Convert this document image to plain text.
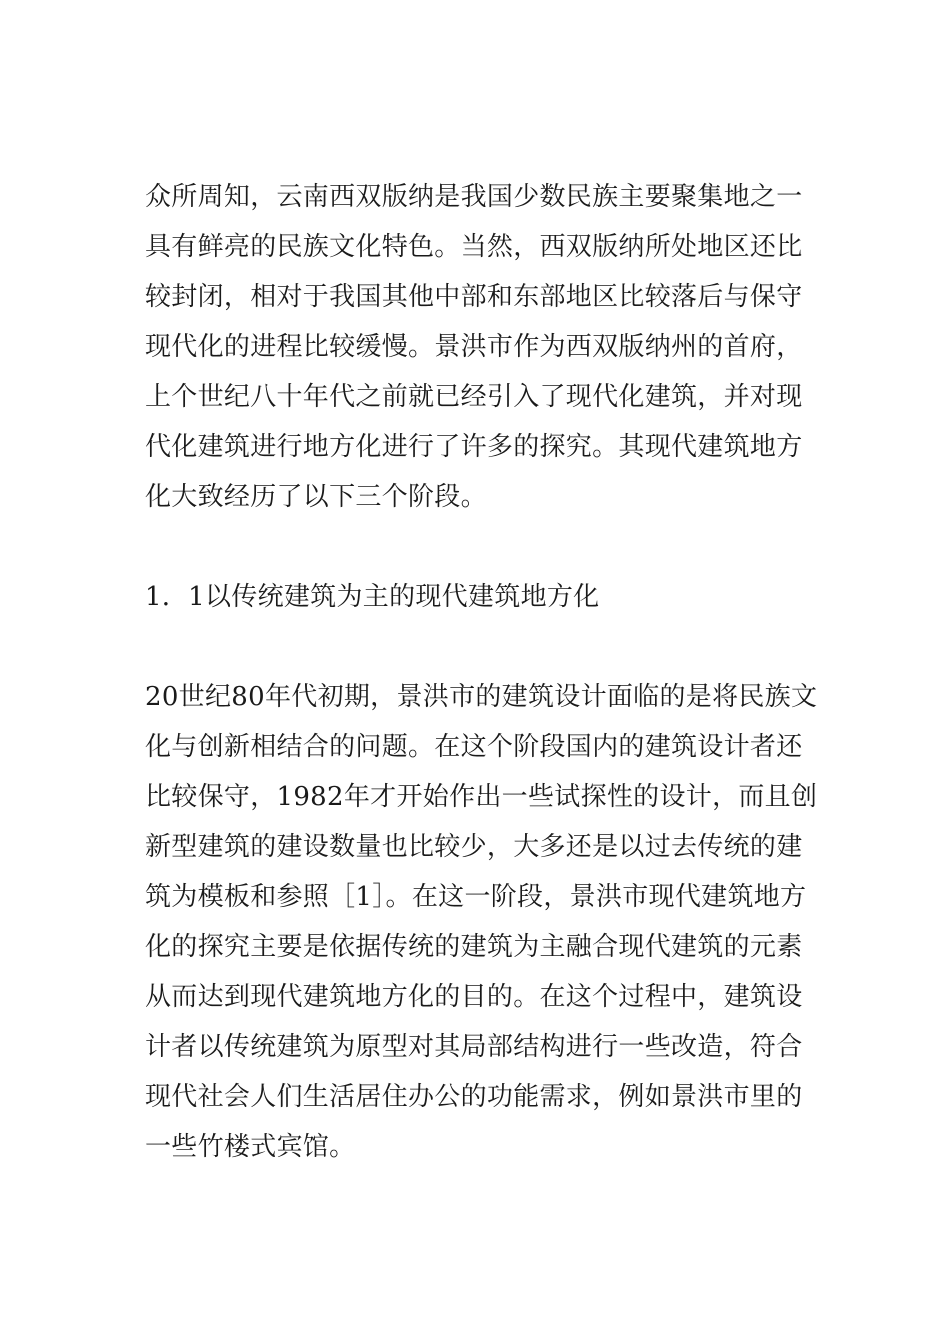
众所周知，云南西双版纳是我国少数民族主要聚集地之一
具有鲜亮的民族文化特色。当然，西双版纳所处地区还比
较封闭，相对于我国其他中部和东部地区比较落后与保守
现代化的进程比较缓慢。景洪市作为西双版纳州的首府，
上个世纪八十年代之前就已经引入了现代化建筑，并对现
代化建筑进行地方化进行了许多的探究。其现代建筑地方
化大致经历了以下三个阶段。
1．1以传统建筑为主的现代建筑地方化
20世纪80年代初期，景洪市的建筑设计面临的是将民族文
化与创新相结合的问题。在这个阶段国内的建筑设计者还
比较保守，1982年才开始作出一些试探性的设计，而且创
新型建筑的建设数量也比较少，大多还是以过去传统的建
筑为模板和参照［1］。在这一阶段，景洪市现代建筑地方
化的探究主要是依据传统的建筑为主融合现代建筑的元素
从而达到现代建筑地方化的目的。在这个过程中，建筑设
计者以传统建筑为原型对其局部结构进行一些改造，符合
现代社会人们生活居住办公的功能需求，例如景洪市里的
一些竹楼式宾馆。
